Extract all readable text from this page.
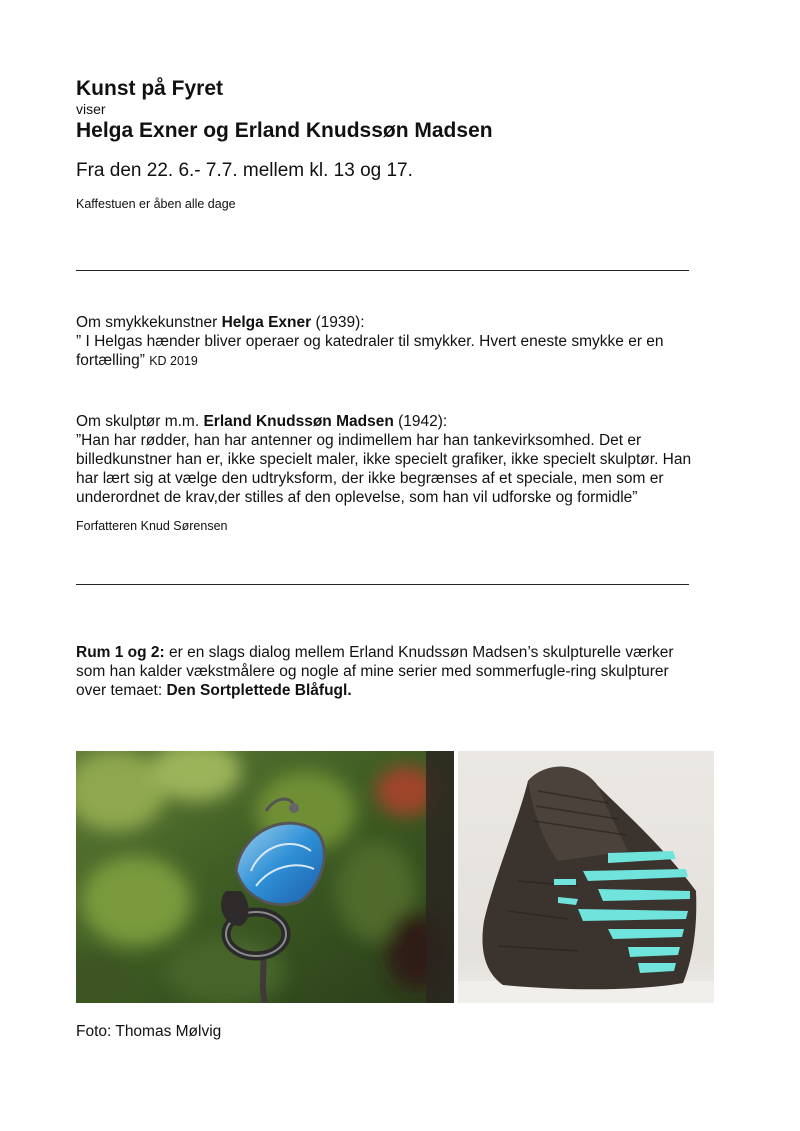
Kunst på Fyret
viser
Helga Exner og Erland Knudssøn Madsen
Fra den 22. 6.- 7.7. mellem kl. 13 og 17.
Kaffestuen er åben alle dage
Om smykkekunstner Helga Exner (1939):
” I Helgas hænder bliver operaer og katedraler til smykker. Hvert eneste smykke er en
fortælling” KD 2019
Om skulptør m.m. Erland Knudssøn Madsen (1942):
”Han har rødder, han har antenner og indimellem har han tankevirksomhed. Det er
billedkunstner han er, ikke specielt maler, ikke specielt grafiker, ikke specielt skulptør. Han
har lært sig at vælge den udtryksform, der ikke begrænses af et speciale, men som er
underordnet de krav,der stilles af den oplevelse, som han vil udforske og formidle”
Forfatteren Knud Sørensen
Rum 1 og 2: er en slags dialog mellem Erland Knudssøn Madsen’s skulpturelle værker
som han kalder vækstmålere og nogle af mine serier med sommerfugle-ring skulpturer
over temaet: Den Sortplettede Blåfugl.
Foto: Thomas Mølvig
